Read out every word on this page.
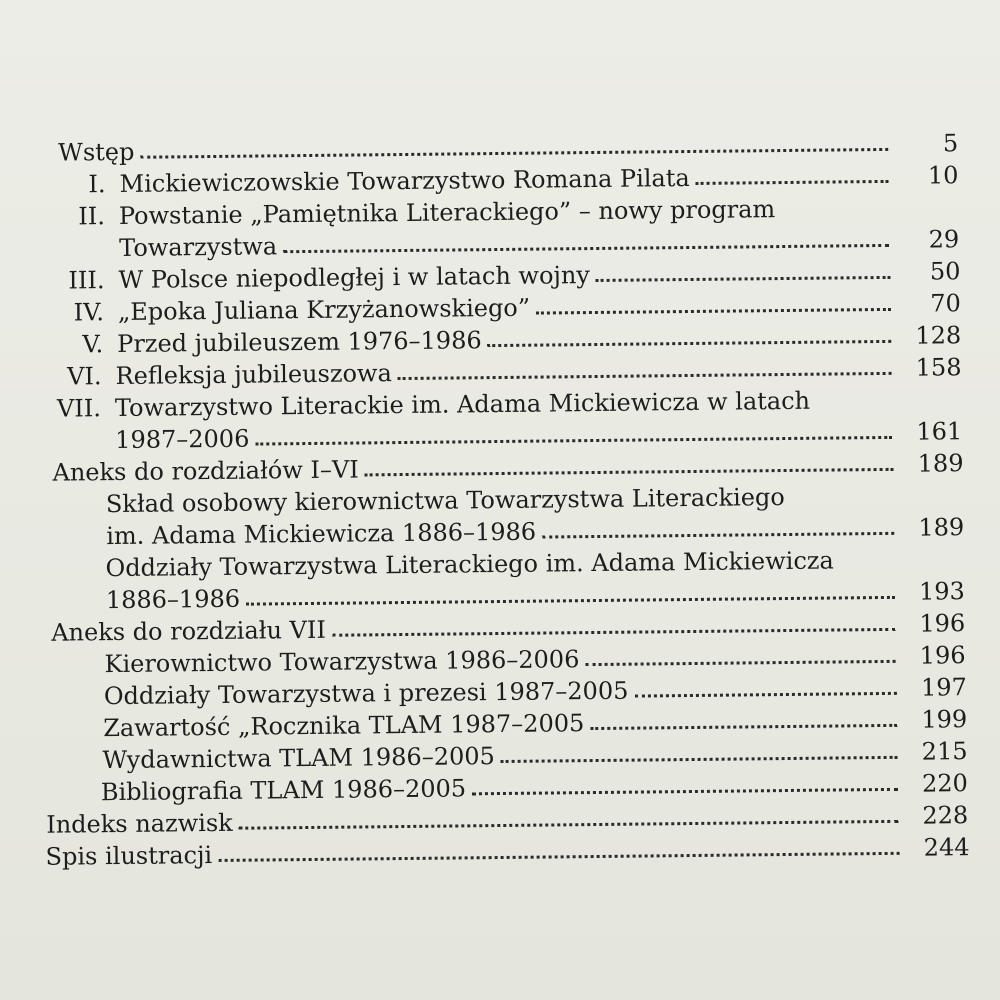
Wstęp	5
I. Mickiewiczowskie Towarzystwo Romana Pilata	10
II. Powstanie „Pamiętnika Literackiego” – nowy program
Towarzystwa	29
III. W Polsce niepodległej i w latach wojny	50
IV. „Epoka Juliana Krzyżanowskiego”	70
V. Przed jubileuszem 1976–1986	128
VI. Refleksja jubileuszowa	158
VII. Towarzystwo Literackie im. Adama Mickiewicza w latach
1987–2006	161
Aneks do rozdziałów I–VI	189
Skład osobowy kierownictwa Towarzystwa Literackiego
im. Adama Mickiewicza 1886–1986	189
Oddziały Towarzystwa Literackiego im. Adama Mickiewicza
1886–1986	193
Aneks do rozdziału VII	196
Kierownictwo Towarzystwa 1986–2006	196
Oddziały Towarzystwa i prezesi 1987–2005	197
Zawartość „Rocznika TLAM 1987–2005	199
Wydawnictwa TLAM 1986–2005	215
Bibliografia TLAM 1986–2005	220
Indeks nazwisk	228
Spis ilustracji	244
